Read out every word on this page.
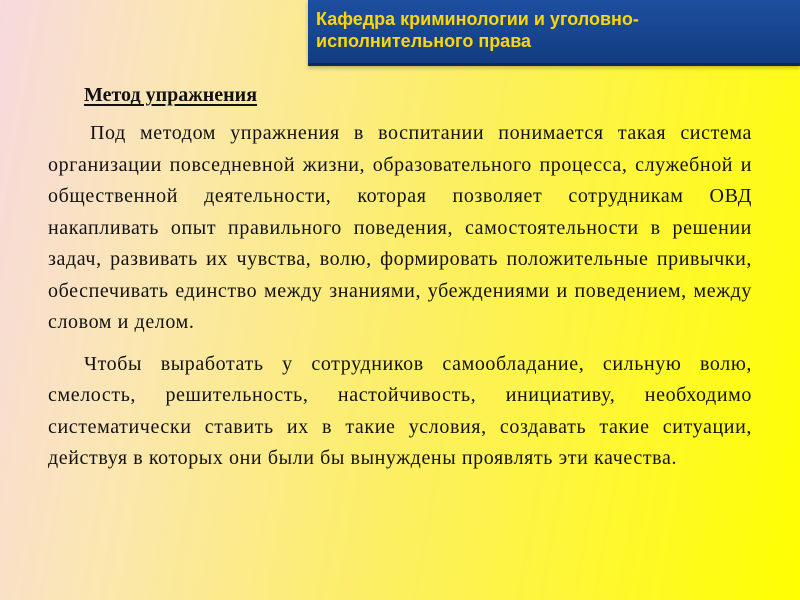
Кафедра криминологии и уголовно-исполнительного права
Метод упражнения

Под методом упражнения в воспитании понимается такая система организации повседневной жизни, образовательного процесса, служебной и общественной деятельности, которая позволяет сотрудникам ОВД накапливать опыт правильного поведения, самостоятельности в решении задач, развивать их чувства, волю, формировать положительные привычки, обеспечивать единство между знаниями, убеждениями и поведением, между словом и делом.

Чтобы выработать у сотрудников самообладание, сильную волю, смелость, решительность, настойчивость, инициативу, необходимо систематически ставить их в такие условия, создавать такие ситуации, действуя в которых они были бы вынуждены проявлять эти качества.
